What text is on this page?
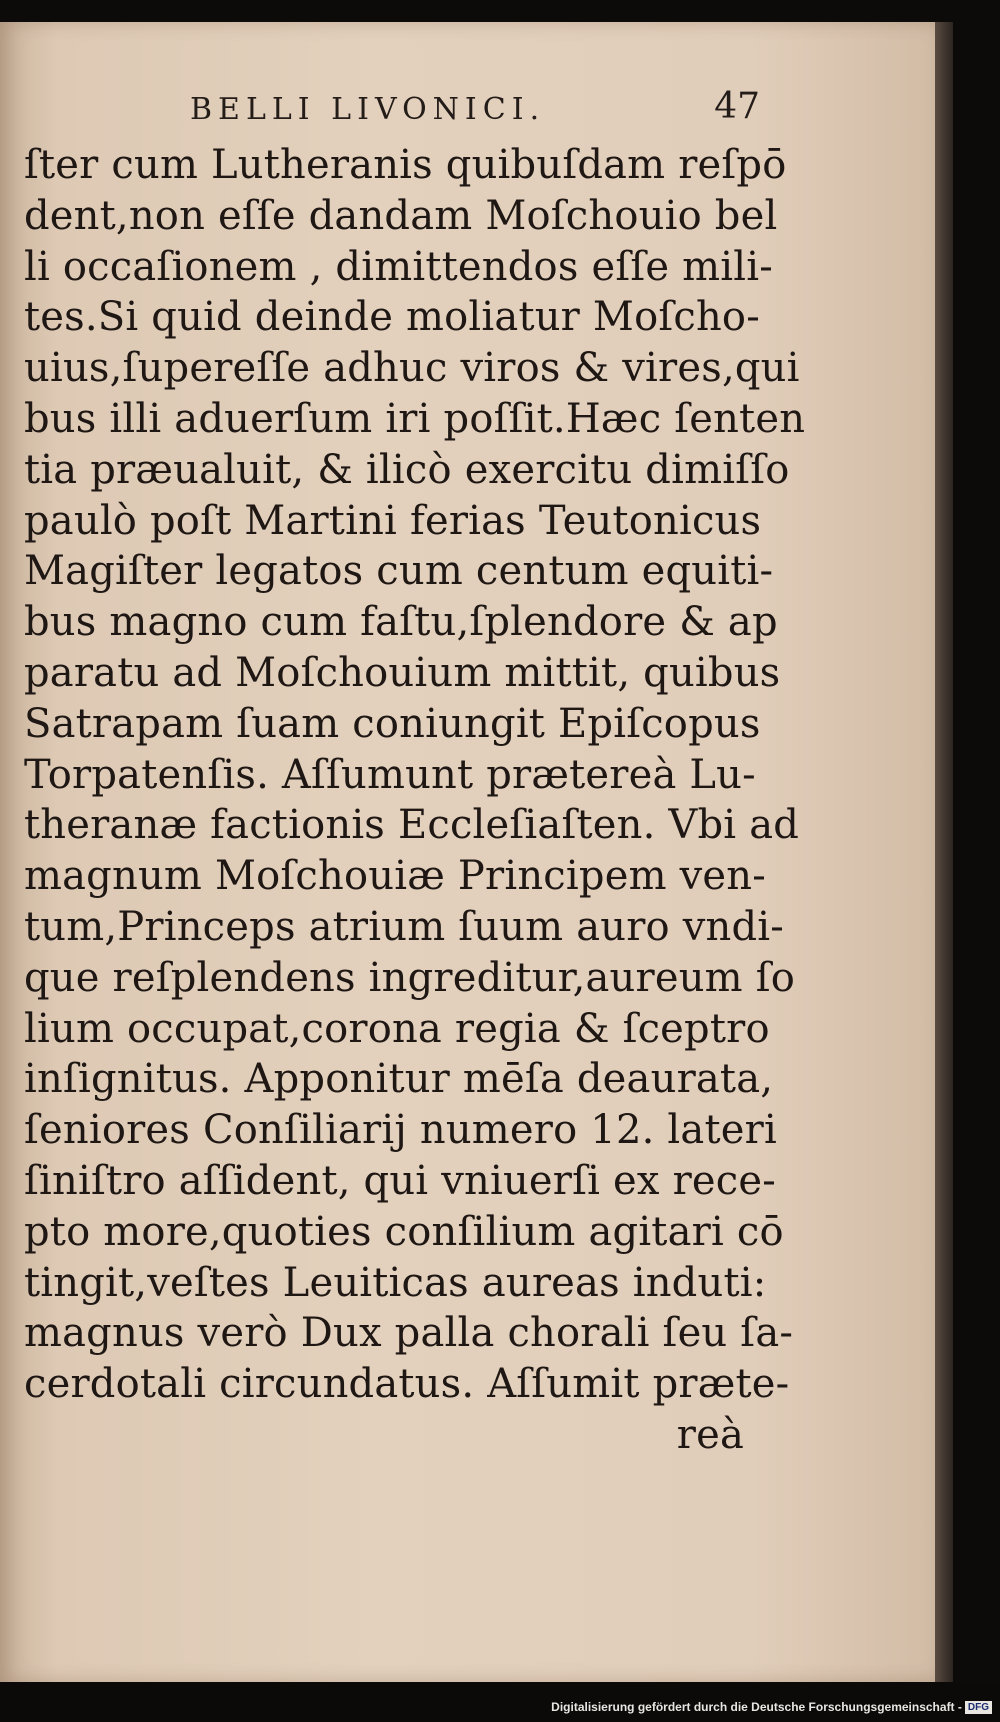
BELLI LIVONICI.	47
ſter cum Lutheranis quibuſdam reſpō
dent,non eſſe dandam Moſchouio bel
li occaſionem , dimittendos eſſe mili-
tes.Si quid deinde moliatur Moſcho-
uius,ſupereſſe adhuc viros & vires,qui
bus illi aduerſum iri poſſit.Hæc ſenten
tia præualuit, & ilicò exercitu dimiſſo
paulò poſt Martini ferias Teutonicus
Magiſter legatos cum centum equiti-
bus magno cum faſtu,ſplendore & ap
paratu ad Moſchouium mittit, quibus
Satrapam ſuam coniungit Epiſcopus
Torpatenſis. Aſſumunt prætereà Lu-
theranæ factionis Eccleſiaſten. Vbi ad
magnum Moſchouiæ Principem ven-
tum,Princeps atrium ſuum auro vndi-
que reſplendens ingreditur,aureum ſo
lium occupat,corona regia & ſceptro
inſignitus. Apponitur mēſa deaurata,
ſeniores Conſiliarij numero 12. lateri
ſiniſtro aſſident, qui vniuerſi ex rece-
pto more,quoties conſilium agitari cō
tingit,veſtes Leuiticas aureas induti:
magnus verò Dux palla chorali ſeu ſa-
cerdotali circundatus. Aſſumit præte-
reà
Digitalisierung gefördert durch die Deutsche Forschungsgemeinschaft - DFG
